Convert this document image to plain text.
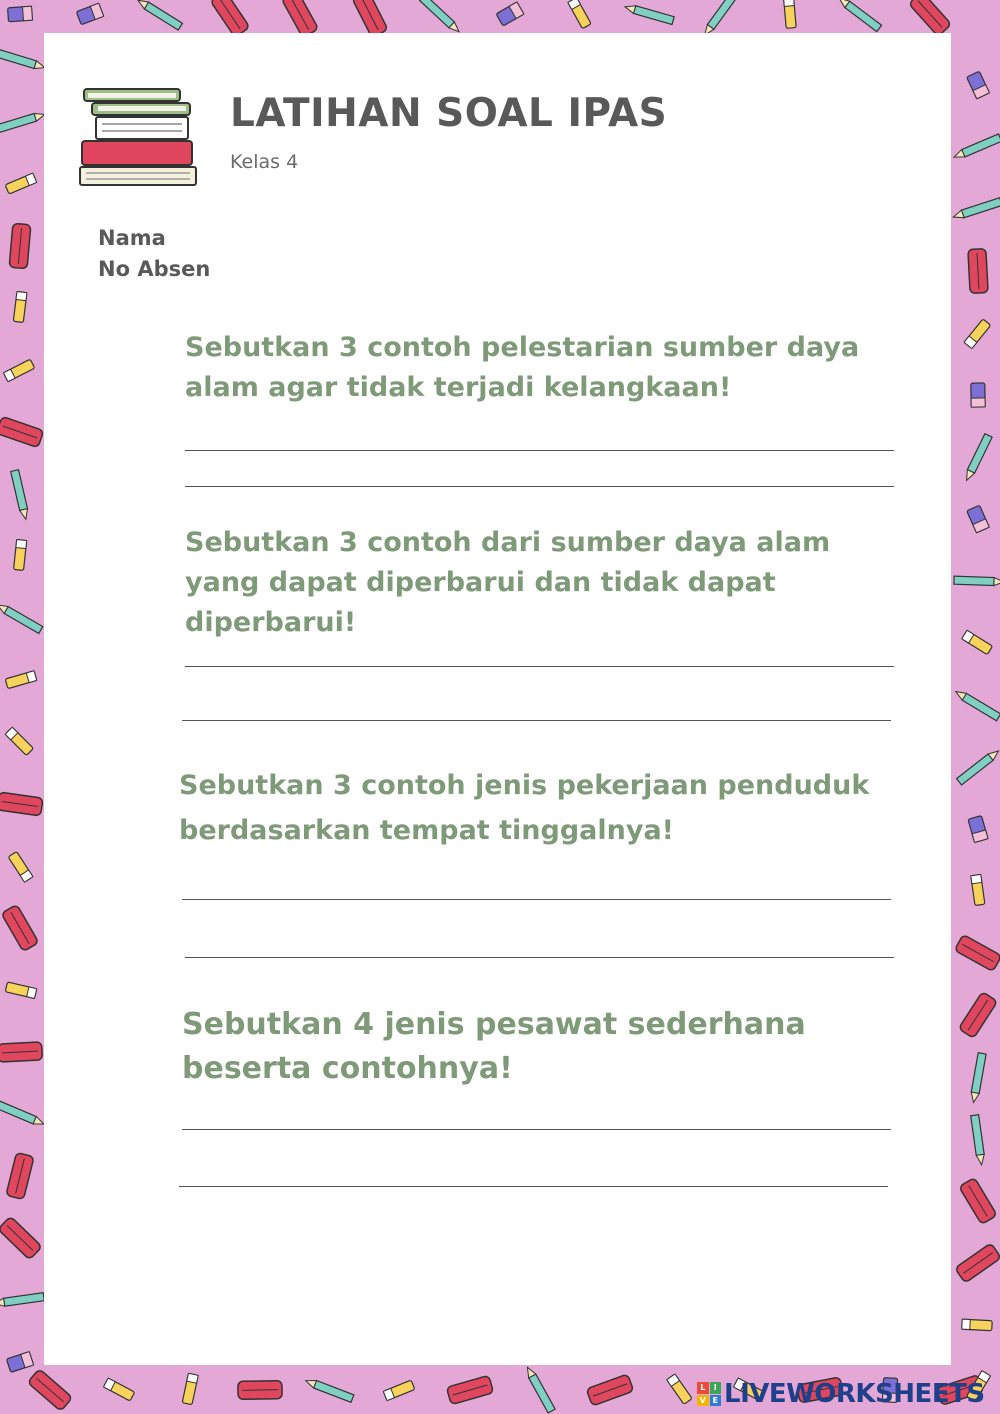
LATIHAN SOAL IPAS
Kelas 4
Nama
No Absen
Sebutkan 3 contoh pelestarian sumber daya
alam agar tidak terjadi kelangkaan!
Sebutkan 3 contoh dari sumber daya alam
yang dapat diperbarui dan tidak dapat
diperbarui!
Sebutkan 3 contoh jenis pekerjaan penduduk
berdasarkan tempat tinggalnya!
Sebutkan 4 jenis pesawat sederhana
beserta contohnya!
L	I
V E LIVEWORKSHEETS
